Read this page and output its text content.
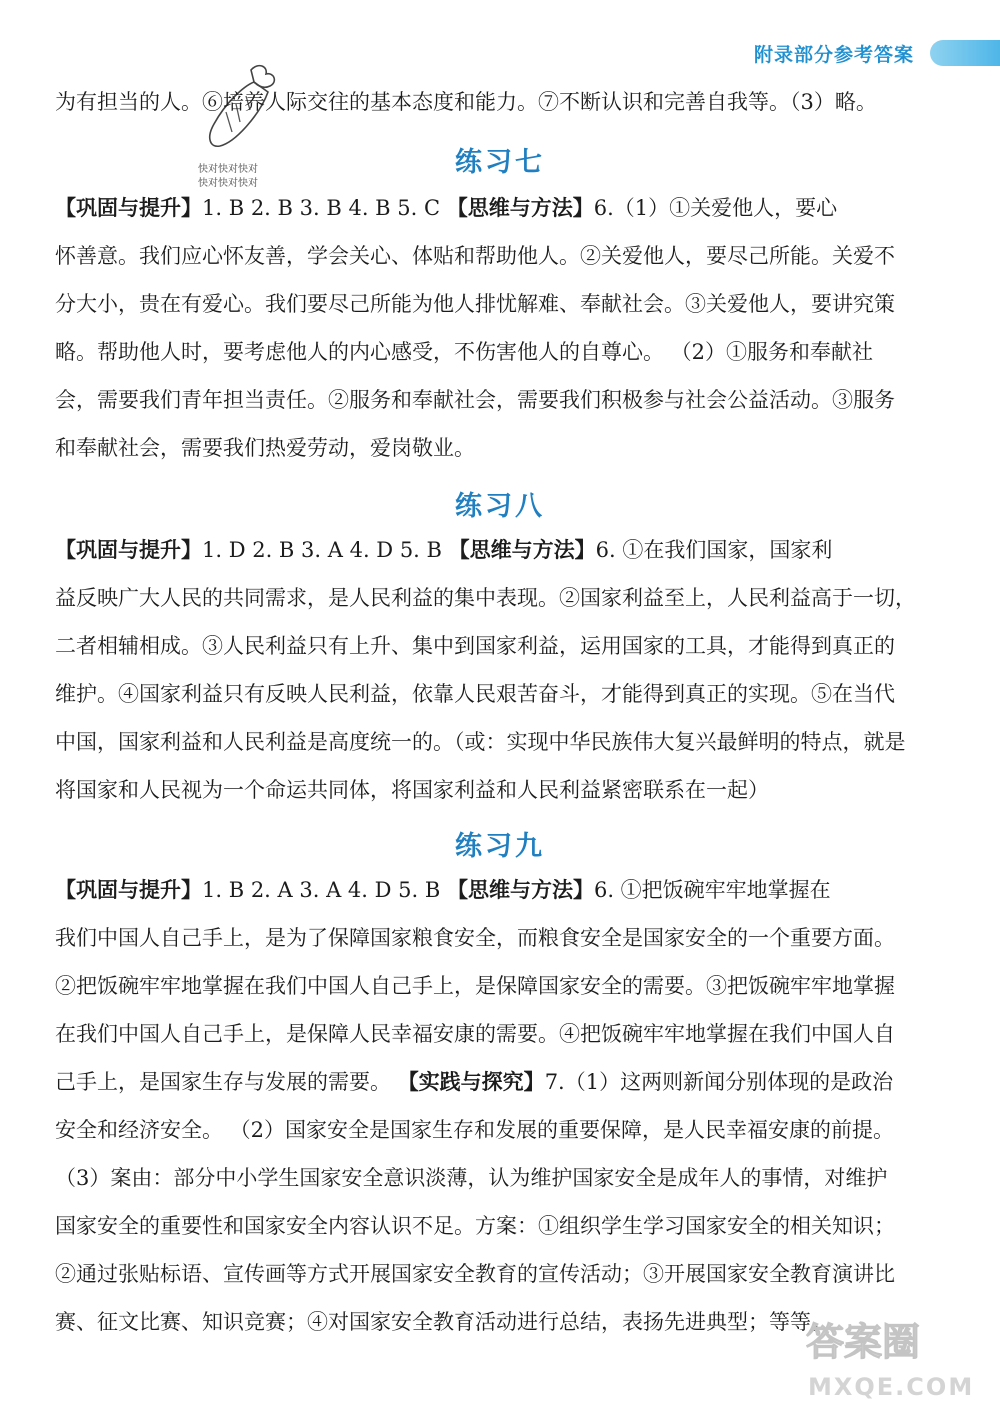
附录 部分参考答案
快对快对快对
快对快对快对
为有担当的人。⑥培养人际交往的基本态度和能力。⑦不断认识和完善自我等。（3）略。
练习七
【巩固与提升】1. B 2. B 3. B 4. B 5. C 【思维与方法】6.（1）①关爱他人，要心
怀善意。我们应心怀友善，学会关心、体贴和帮助他人。②关爱他人，要尽己所能。关爱不
分大小，贵在有爱心。我们要尽己所能为他人排忧解难、奉献社会。③关爱他人，要讲究策
略。帮助他人时，要考虑他人的内心感受，不伤害他人的自尊心。 （2）①服务和奉献社
会，需要我们青年担当责任。②服务和奉献社会，需要我们积极参与社会公益活动。③服务
和奉献社会，需要我们热爱劳动，爱岗敬业。
练习八
【巩固与提升】1. D 2. B 3. A 4. D 5. B 【思维与方法】6. ①在我们国家，国家利
益反映广大人民的共同需求，是人民利益的集中表现。②国家利益至上，人民利益高于一切，
二者相辅相成。③人民利益只有上升、集中到国家利益，运用国家的工具，才能得到真正的
维护。④国家利益只有反映人民利益，依靠人民艰苦奋斗，才能得到真正的实现。⑤在当代
中国，国家利益和人民利益是高度统一的。（或：实现中华民族伟大复兴最鲜明的特点，就是
将国家和人民视为一个命运共同体，将国家利益和人民利益紧密联系在一起）
练习九
【巩固与提升】1. B 2. A 3. A 4. D 5. B 【思维与方法】6. ①把饭碗牢牢地掌握在
我们中国人自己手上，是为了保障国家粮食安全，而粮食安全是国家安全的一个重要方面。
②把饭碗牢牢地掌握在我们中国人自己手上，是保障国家安全的需要。③把饭碗牢牢地掌握
在我们中国人自己手上，是保障人民幸福安康的需要。④把饭碗牢牢地掌握在我们中国人自
己手上，是国家生存与发展的需要。 【实践与探究】7.（1）这两则新闻分别体现的是政治
安全和经济安全。 （2）国家安全是国家生存和发展的重要保障，是人民幸福安康的前提。
（3）案由：部分中小学生国家安全意识淡薄，认为维护国家安全是成年人的事情，对维护
国家安全的重要性和国家安全内容认识不足。方案：①组织学生学习国家安全的相关知识；
②通过张贴标语、宣传画等方式开展国家安全教育的宣传活动；③开展国家安全教育演讲比
赛、征文比赛、知识竞赛；④对国家安全教育活动进行总结，表扬先进典型；等等。
答案圈
MXQE.COM
